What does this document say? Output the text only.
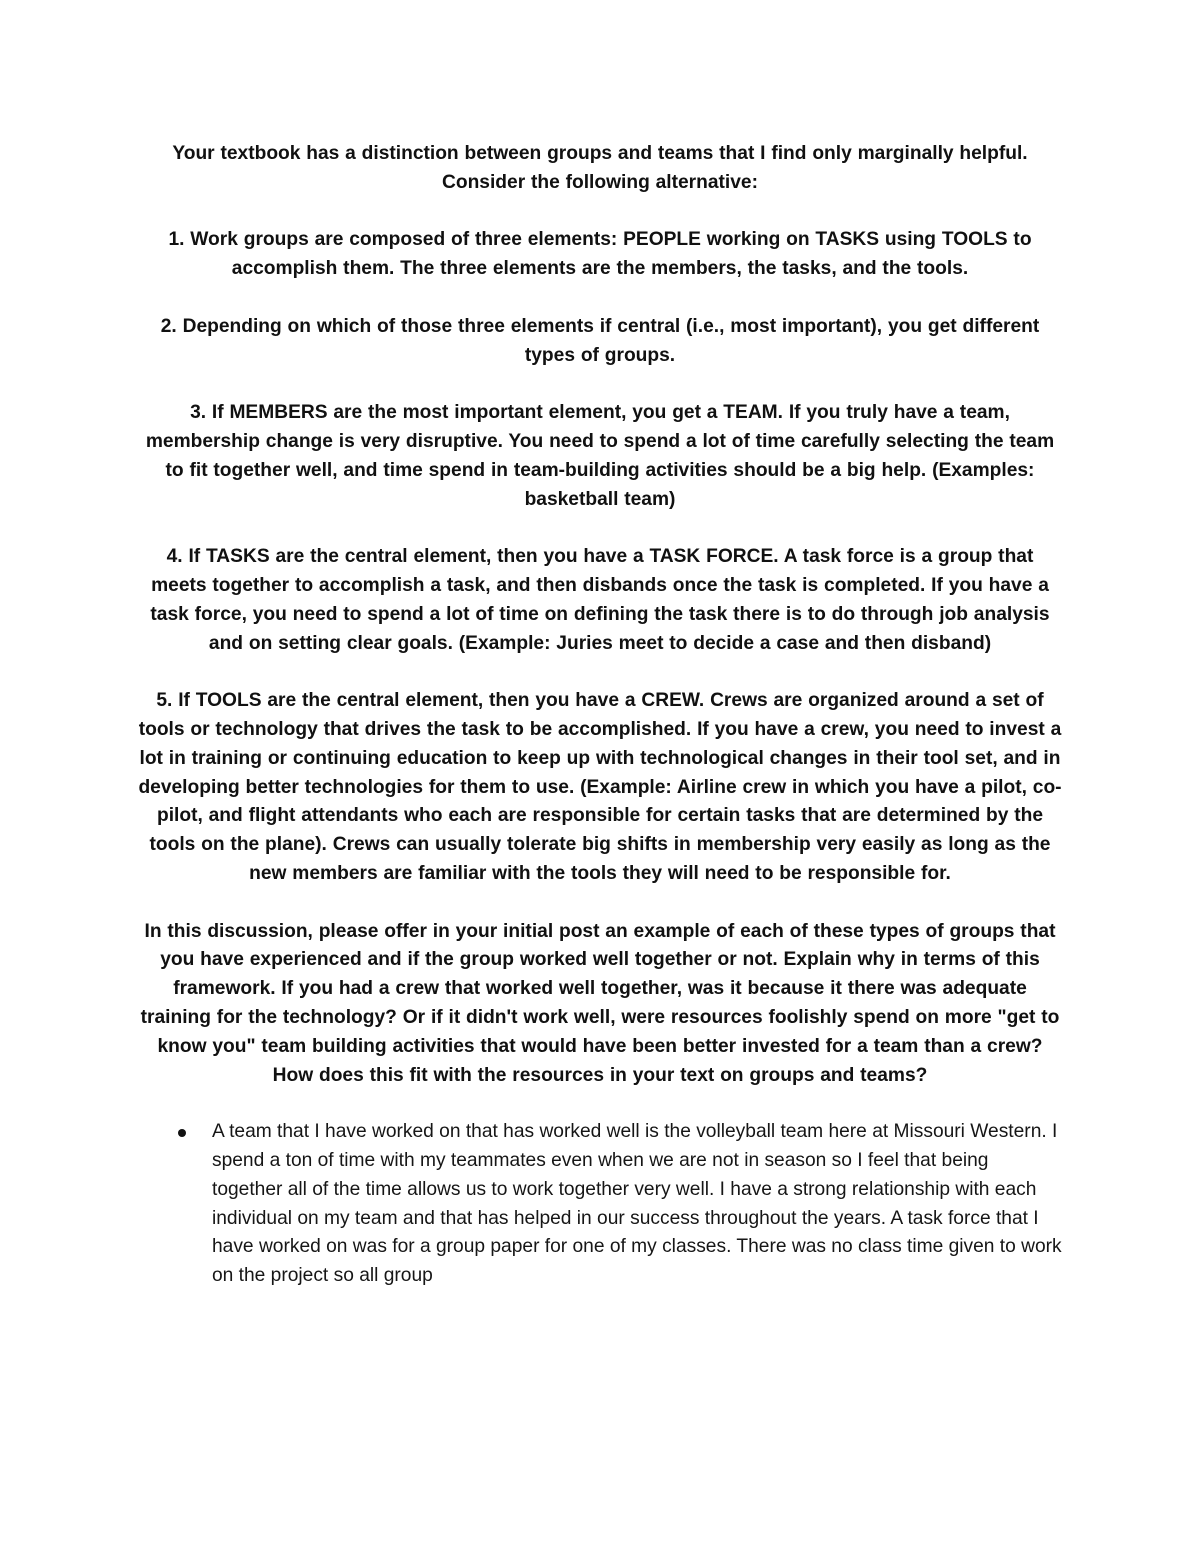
Your textbook has a distinction between groups and teams that I find only marginally helpful. Consider the following alternative:

1. Work groups are composed of three elements: PEOPLE working on TASKS using TOOLS to accomplish them. The three elements are the members, the tasks, and the tools.

2. Depending on which of those three elements if central (i.e., most important), you get different types of groups.

3. If MEMBERS are the most important element, you get a TEAM. If you truly have a team, membership change is very disruptive. You need to spend a lot of time carefully selecting the team to fit together well, and time spend in team-building activities should be a big help. (Examples: basketball team)

4. If TASKS are the central element, then you have a TASK FORCE. A task force is a group that meets together to accomplish a task, and then disbands once the task is completed. If you have a task force, you need to spend a lot of time on defining the task there is to do through job analysis and on setting clear goals. (Example: Juries meet to decide a case and then disband)

5. If TOOLS are the central element, then you have a CREW. Crews are organized around a set of tools or technology that drives the task to be accomplished. If you have a crew, you need to invest a lot in training or continuing education to keep up with technological changes in their tool set, and in developing better technologies for them to use. (Example: Airline crew in which you have a pilot, co-pilot, and flight attendants who each are responsible for certain tasks that are determined by the tools on the plane). Crews can usually tolerate big shifts in membership very easily as long as the new members are familiar with the tools they will need to be responsible for.

In this discussion, please offer in your initial post an example of each of these types of groups that you have experienced and if the group worked well together or not. Explain why in terms of this framework. If you had a crew that worked well together, was it because it there was adequate training for the technology? Or if it didn't work well, were resources foolishly spend on more "get to know you" team building activities that would have been better invested for a team than a crew? How does this fit with the resources in your text on groups and teams?

A team that I have worked on that has worked well is the volleyball team here at Missouri Western. I spend a ton of time with my teammates even when we are not in season so I feel that being together all of the time allows us to work together very well. I have a strong relationship with each individual on my team and that has helped in our success throughout the years. A task force that I have worked on was for a group paper for one of my classes. There was no class time given to work on the project so all group
